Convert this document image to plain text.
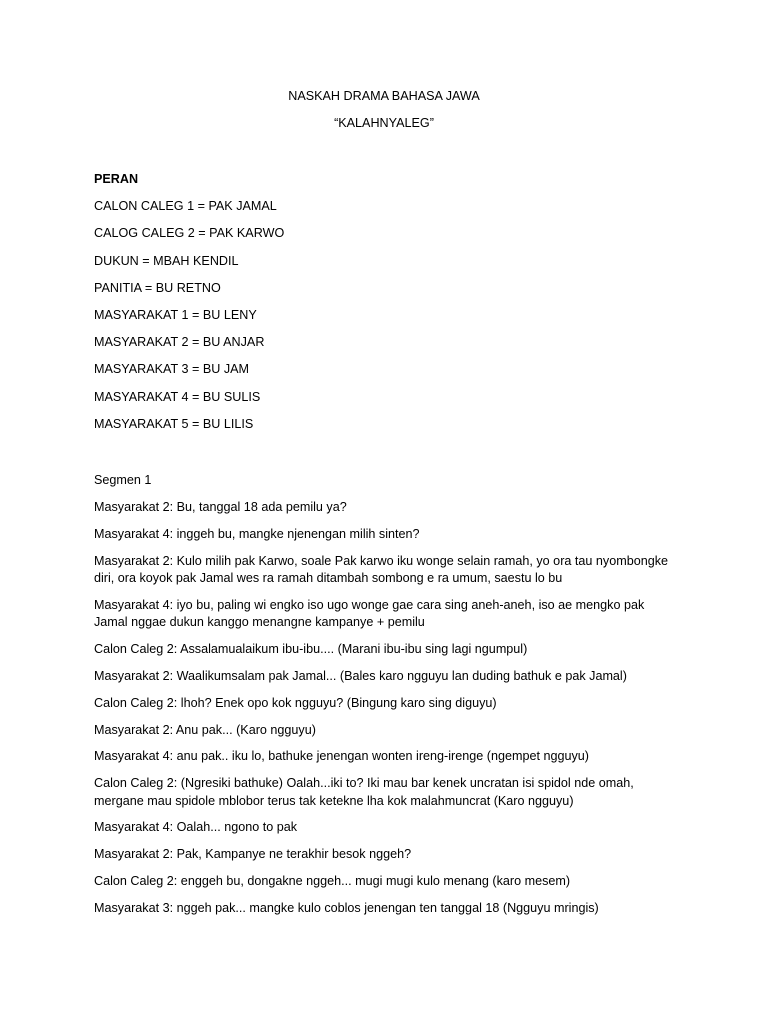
NASKAH DRAMA BAHASA JAWA
“KALAHNYALEG”
PERAN
CALON CALEG 1 = PAK JAMAL
CALOG CALEG 2 = PAK KARWO
DUKUN = MBAH KENDIL
PANITIA = BU RETNO
MASYARAKAT 1 = BU LENY
MASYARAKAT 2 = BU ANJAR
MASYARAKAT 3 = BU JAM
MASYARAKAT 4 = BU SULIS
MASYARAKAT 5 = BU LILIS
Segmen 1
Masyarakat 2: Bu, tanggal 18 ada pemilu ya?
Masyarakat 4: inggeh bu, mangke njenengan milih sinten?
Masyarakat 2: Kulo milih pak Karwo, soale Pak karwo iku wonge selain ramah, yo ora tau nyombongke diri, ora koyok pak Jamal wes ra ramah ditambah sombong e ra umum, saestu lo bu
Masyarakat 4: iyo bu, paling wi engko iso ugo wonge gae cara sing aneh-aneh, iso ae mengko pak Jamal nggae dukun kanggo menangne kampanye + pemilu
Calon Caleg 2: Assalamualaikum ibu-ibu.... (Marani ibu-ibu sing lagi ngumpul)
Masyarakat 2: Waalikumsalam pak Jamal... (Bales karo ngguyu lan duding bathuk e pak Jamal)
Calon Caleg 2: lhoh? Enek opo kok ngguyu? (Bingung karo sing diguyu)
Masyarakat 2: Anu pak... (Karo ngguyu)
Masyarakat 4: anu pak.. iku lo, bathuke jenengan wonten ireng-irenge (ngempet ngguyu)
Calon Caleg 2: (Ngresiki bathuke) Oalah...iki to? Iki mau bar kenek uncratan isi spidol nde omah, mergane mau spidole mblobor terus tak ketekne lha kok malahmuncrat (Karo ngguyu)
Masyarakat 4: Oalah... ngono to pak
Masyarakat 2: Pak, Kampanye ne terakhir besok nggeh?
Calon Caleg 2: enggeh bu, dongakne nggeh... mugi mugi kulo menang (karo mesem)
Masyarakat 3: nggeh pak... mangke kulo coblos jenengan ten tanggal 18 (Ngguyu mringis)
